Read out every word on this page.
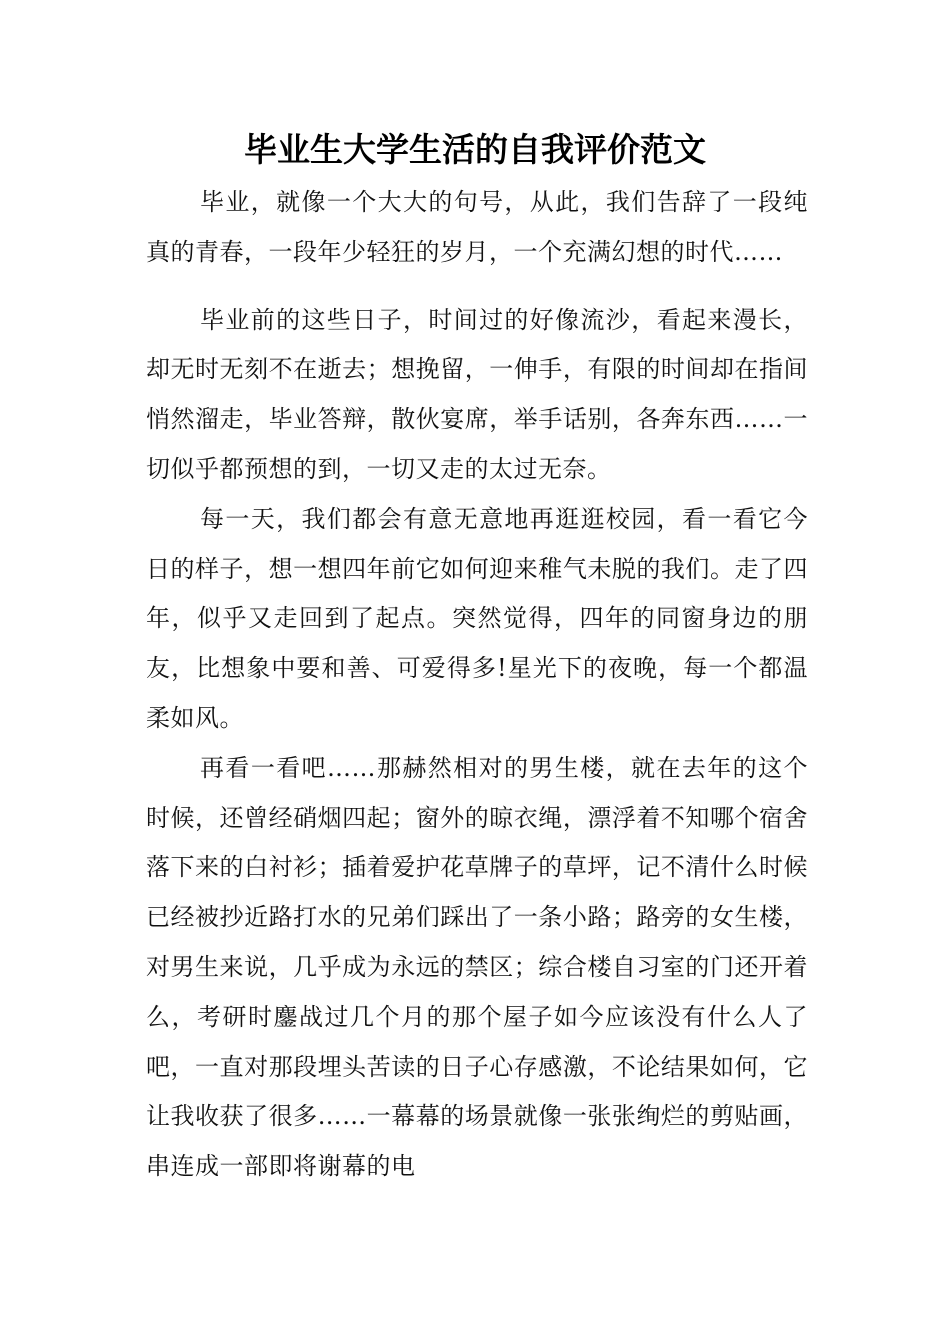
毕业生大学生活的自我评价范文

毕业，就像一个大大的句号，从此，我们告辞了一段纯真的青春，一段年少轻狂的岁月，一个充满幻想的时代……

毕业前的这些日子，时间过的好像流沙，看起来漫长，却无时无刻不在逝去；想挽留，一伸手，有限的时间却在指间悄然溜走，毕业答辩，散伙宴席，举手话别，各奔东西……一切似乎都预想的到，一切又走的太过无奈。

每一天，我们都会有意无意地再逛逛校园，看一看它今日的样子，想一想四年前它如何迎来稚气未脱的我们。走了四年，似乎又走回到了起点。突然觉得，四年的同窗身边的朋友，比想象中要和善、可爱得多!星光下的夜晚，每一个都温柔如风。

再看一看吧……那赫然相对的男生楼，就在去年的这个时候，还曾经硝烟四起；窗外的晾衣绳，漂浮着不知哪个宿舍落下来的白衬衫；插着爱护花草牌子的草坪，记不清什么时候已经被抄近路打水的兄弟们踩出了一条小路；路旁的女生楼，对男生来说，几乎成为永远的禁区；综合楼自习室的门还开着么，考研时鏖战过几个月的那个屋子如今应该没有什么人了吧，一直对那段埋头苦读的日子心存感激，不论结果如何，它让我收获了很多……一幕幕的场景就像一张张绚烂的剪贴画，串连成一部即将谢幕的电
